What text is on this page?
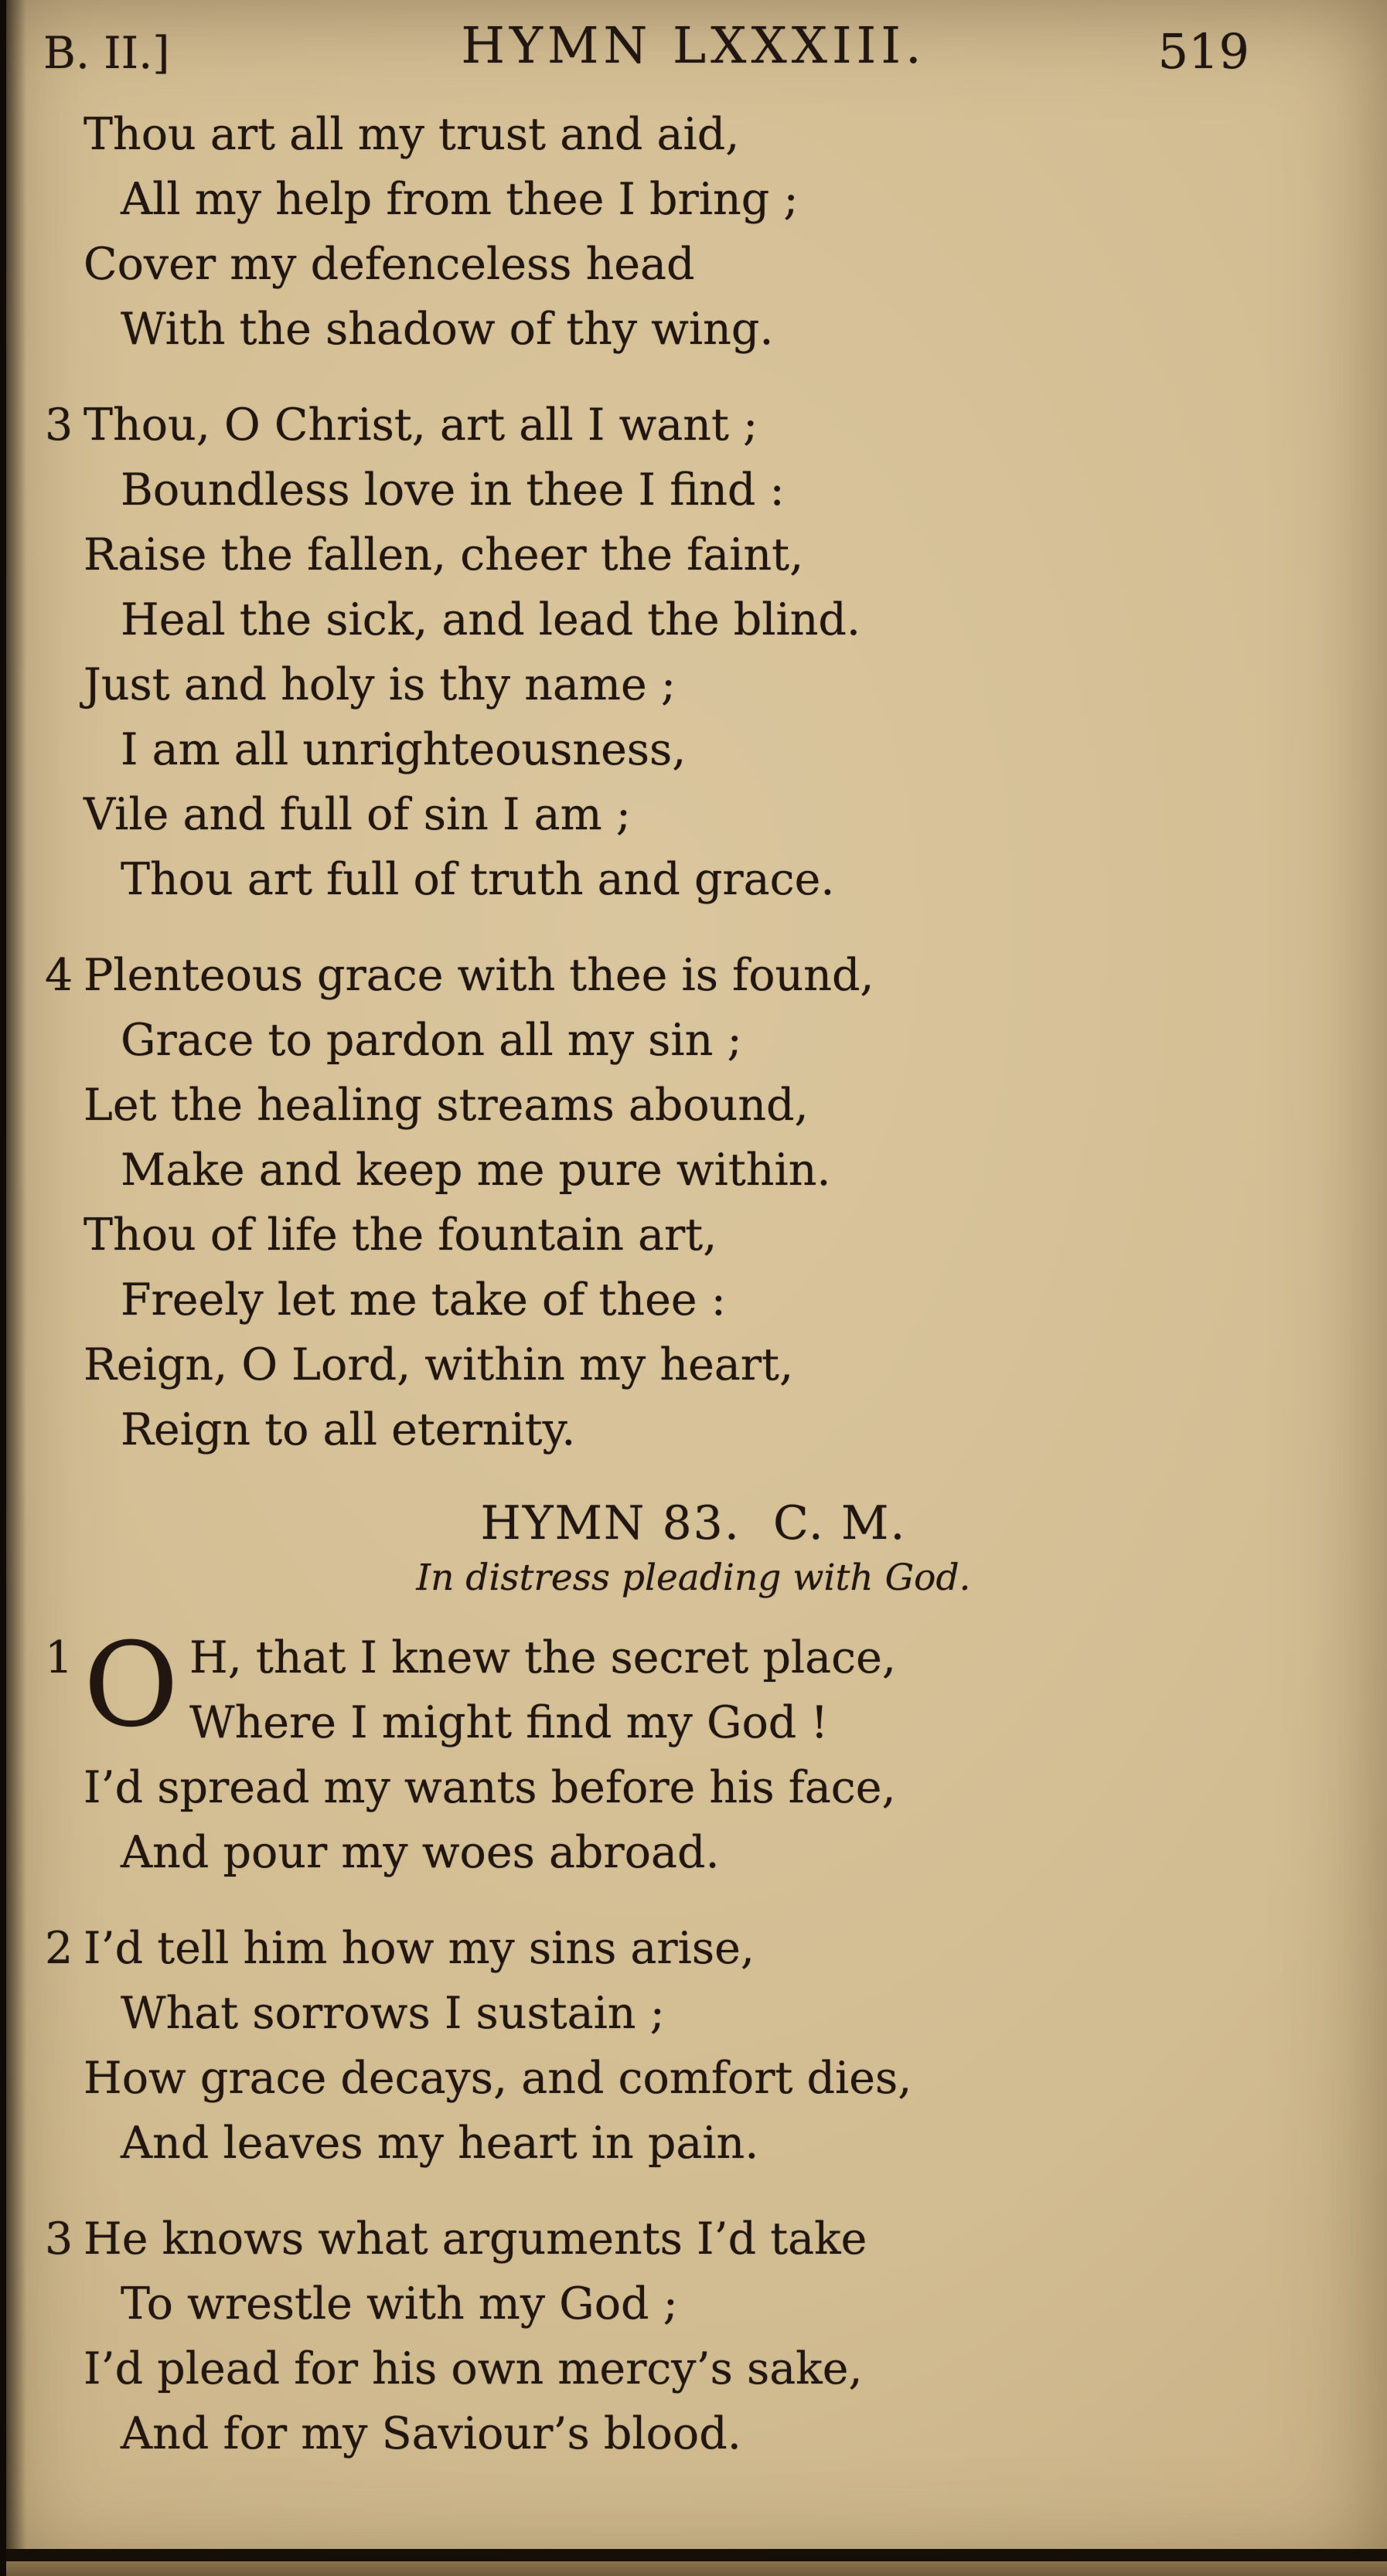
B. II.]	HYMN LXXXIII.	519
Thou art all my trust and aid,
All my help from thee I bring ;
Cover my defenceless head
With the shadow of thy wing.
3 Thou, O Christ, art all I want ;
Boundless love in thee I find :
Raise the fallen, cheer the faint,
Heal the sick, and lead the blind.
Just and holy is thy name ;
I am all unrighteousness,
Vile and full of sin I am ;
Thou art full of truth and grace.
4 Plenteous grace with thee is found,
Grace to pardon all my sin ;
Let the healing streams abound,
Make and keep me pure within.
Thou of life the fountain art,
Freely let me take of thee :
Reign, O Lord, within my heart,
Reign to all eternity.
HYMN 83.  C. M.
In distress pleading with God.
1 O H, that I knew the secret place,
Where I might find my God !
I’d spread my wants before his face,
And pour my woes abroad.
2 I’d tell him how my sins arise,
What sorrows I sustain ;
How grace decays, and comfort dies,
And leaves my heart in pain.
3 He knows what arguments I’d take
To wrestle with my God ;
I’d plead for his own mercy’s sake,
And for my Saviour’s blood.
